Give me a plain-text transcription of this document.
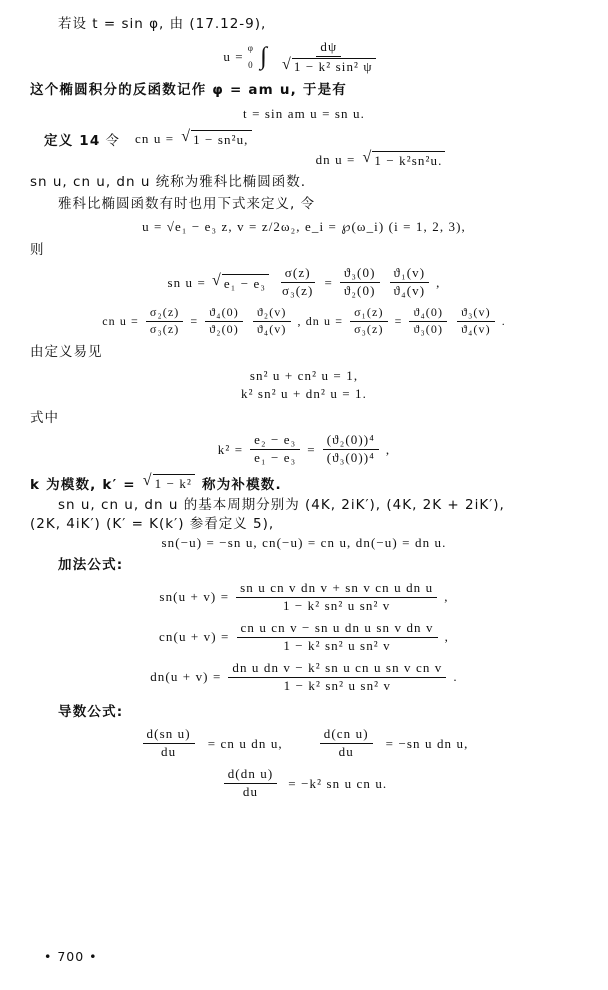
若设 t = sin φ, 由 (17.12-9),
u =
φ
0 ∫ $\frac{d\psi}{\text{√ 1 − k² sin² ψ}}$
这个椭圆积分的反函数记作 φ = am u, 于是有
t = sin am u = sn u.
定义 14 令 cn u = √ 1 − sn²u,
dn u = √ 1 − k²sn²u.
sn u, cn u, dn u 统称为雅科比椭圆函数.
雅科比椭圆函数有时也用下式来定义, 令
u = √e₁ − e₃ z, v = z/2ω₂, e_i = ℘(ω_i) (i = 1, 2, 3),
则
sn u = √ $e_1 - e_3 \frac{\sigma(z)}{\text{σ₃(z)}} = \frac{\text{ϑ₃(0)}}{\text{ϑ₂(0)}} \frac{\text{ϑ₁(v)}}{\text{ϑ₄(v)}}$ ,
cn $u = \frac{\text{σ₂(z)}}{\text{σ₃(z)}} = \frac{\text{ϑ₄(0)}}{\text{ϑ₂(0)}} \frac{\text{ϑ₂(v)}}{\text{ϑ₄(v)}}$ , dn $u = \frac{\text{σ₁(z)}}{\text{σ₃(z)}} = \frac{\text{ϑ₄(0)}}{\text{ϑ₃(0)}} \frac{\text{ϑ₃(v)}}{\text{ϑ₄(v)}}$ .
由定义易见
sn² u + cn² u = 1,
k² sn² u + dn² u = 1.
式中
$k^2 = \frac{\text{e₂ − e₃}}{\text{e₁ − e₃}} = \frac{\text{(ϑ₂(0))⁴}}{\text{(ϑ₃(0))⁴}}$ ,
k 为模数, k′ = √ 1 − k² 称为补模数.
sn u, cn u, dn u 的基本周期分别为 (4K, 2iK′), (4K, 2K + 2iK′),
(2K, 4iK′) (K′ = K(k′) 参看定义 5),
sn(−u) = −sn u, cn(−u) = cn u, dn(−u) = dn u.
加法公式:
$sn(u + v) = \frac{\text{sn u cn v dn v + sn v cn u dn u}}{\text{1 − k² sn² u sn² v}}$ ,
$cn(u + v) = \frac{\text{cn u cn v − sn u dn u sn v dn v}}{\text{1 − k² sn² u sn² v}}$ ,
$dn(u + v) = \frac{\text{dn u dn v − k² sn u cn u sn v cn v}}{\text{1 − k² sn² u sn² v}}$ .
导数公式:
$\frac{\text{d(sn u)}}{du}$ = cn u dn u,	$\frac{\text{d(cn u)}}{du} = -sn$ u dn u,
$\frac{\text{d(dn u)}}{du} = -k^2$ sn u cn u.
• 700 •
